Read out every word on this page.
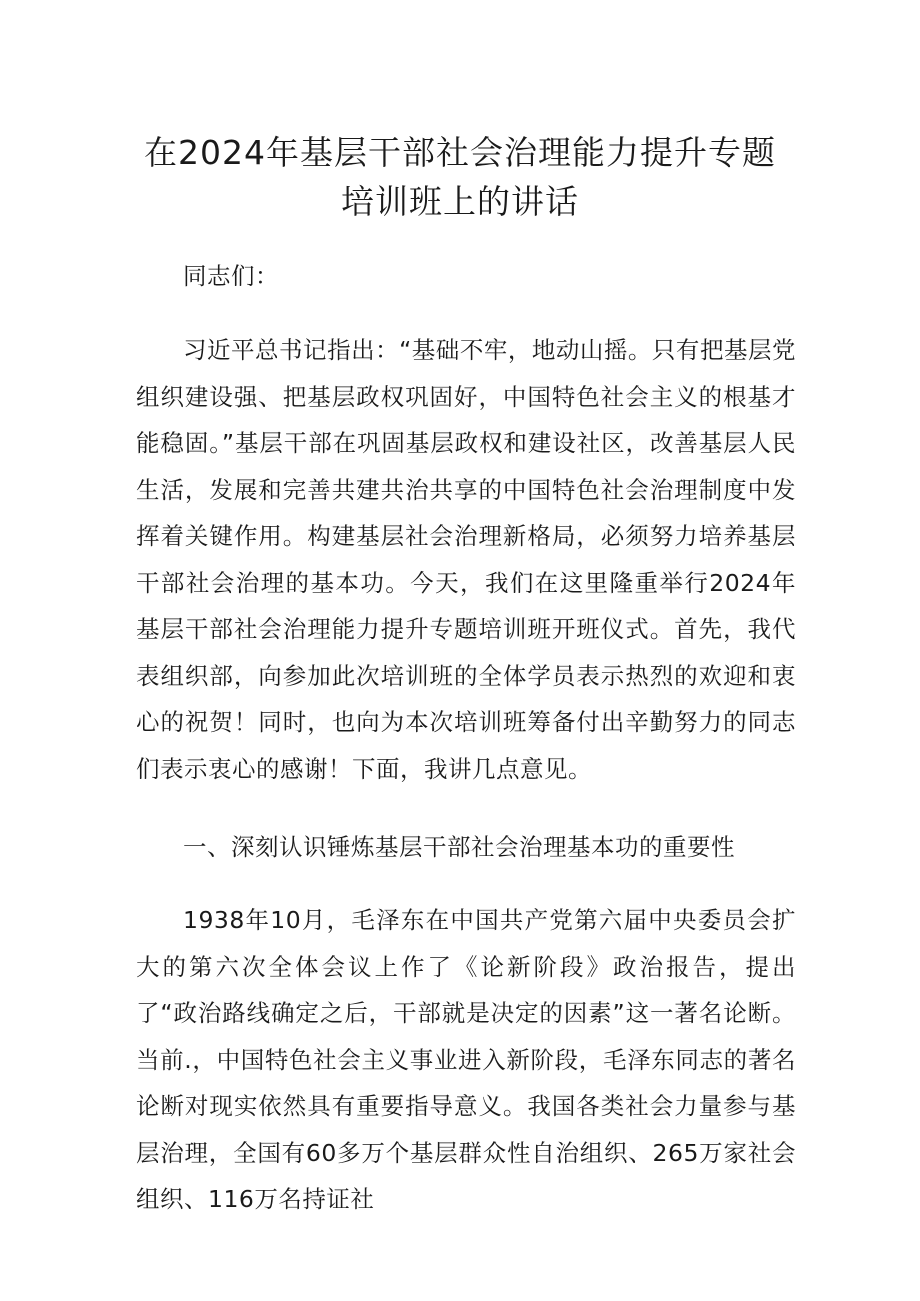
在2024年基层干部社会治理能力提升专题
培训班上的讲话

同志们：

习近平总书记指出：“基础不牢，地动山摇。只有把基层党组织建设强、把基层政权巩固好，中国特色社会主义的根基才能稳固。”基层干部在巩固基层政权和建设社区，改善基层人民生活，发展和完善共建共治共享的中国特色社会治理制度中发挥着关键作用。构建基层社会治理新格局，必须努力培养基层干部社会治理的基本功。今天，我们在这里隆重举行2024年基层干部社会治理能力提升专题培训班开班仪式。首先，我代表组织部，向参加此次培训班的全体学员表示热烈的欢迎和衷心的祝贺！同时，也向为本次培训班筹备付出辛勤努力的同志们表示衷心的感谢！下面，我讲几点意见。

一、深刻认识锤炼基层干部社会治理基本功的重要性

1938年10月，毛泽东在中国共产党第六届中央委员会扩大的第六次全体会议上作了《论新阶段》政治报告，提出了“政治路线确定之后，干部就是决定的因素”这一著名论断。当前.，中国特色社会主义事业进入新阶段，毛泽东同志的著名论断对现实依然具有重要指导意义。我国各类社会力量参与基层治理，全国有60多万个基层群众性自治组织、265万家社会组织、116万名持证社
